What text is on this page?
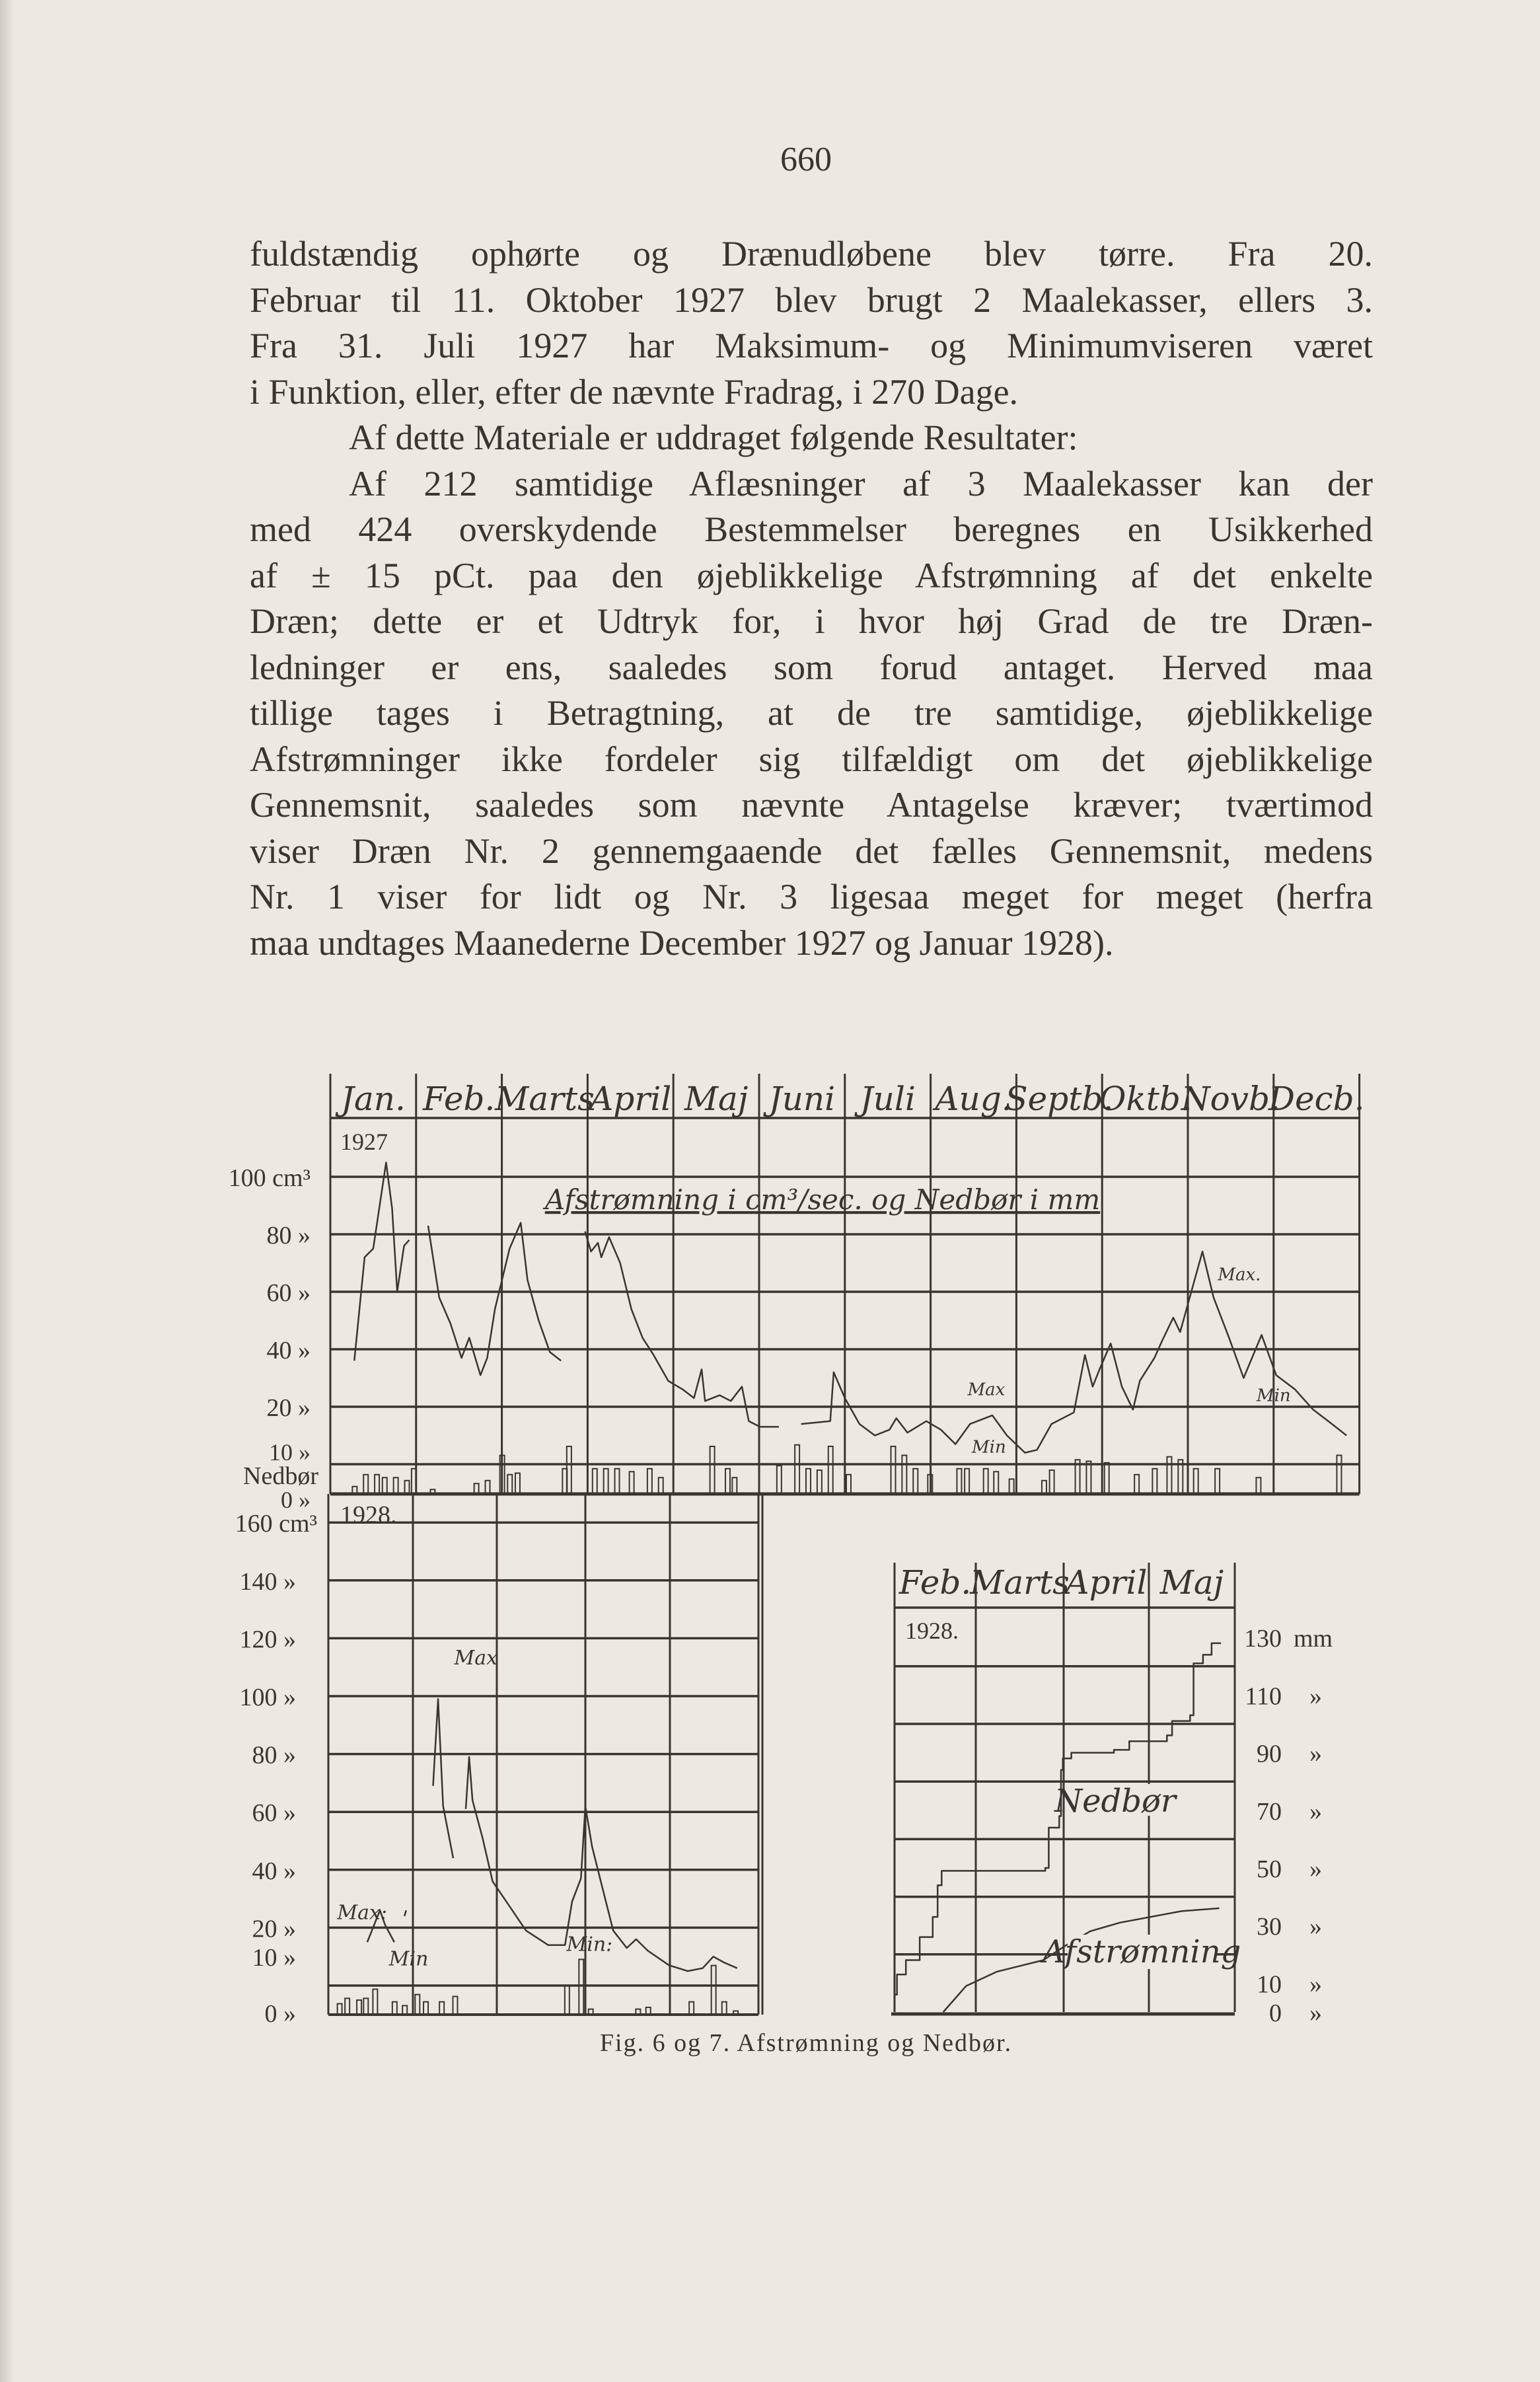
660
fuldstændig ophørte og Drænudløbene blev tørre. Fra 20.
Februar til 11. Oktober 1927 blev brugt 2 Maalekasser, ellers 3.
Fra 31. Juli 1927 har Maksimum- og Minimumviseren været
i Funktion, eller, efter de nævnte Fradrag, i 270 Dage.
Af dette Materiale er uddraget følgende Resultater:
Af 212 samtidige Aflæsninger af 3 Maalekasser kan der
med 424 overskydende Bestemmelser beregnes en Usikkerhed
af ± 15 pCt. paa den øjeblikkelige Afstrømning af det enkelte
Dræn; dette er et Udtryk for, i hvor høj Grad de tre Dræn-
ledninger er ens, saaledes som forud antaget. Herved maa
tillige tages i Betragtning, at de tre samtidige, øjeblikkelige
Afstrømninger ikke fordeler sig tilfældigt om det øjeblikkelige
Gennemsnit, saaledes som nævnte Antagelse kræver; tværtimod
viser Dræn Nr. 2 gennemgaaende det fælles Gennemsnit, medens
Nr. 1 viser for lidt og Nr. 3 ligesaa meget for meget (herfra
maa undtages Maanederne December 1927 og Januar 1928).
Jan. Feb. Marts
April Maj Juni Juli Aug.
Septb.
Oktb.
Novb.
Decb.
1927
Afstrømning i cm³/sec. og Nedbør i mm
100 cm³
80 »
60 »
40 »
20 »
10 »
0 »
Nedbør
Max
Min
Max.
Min
1928.
160 cm³
140 »
120 »
100 »
80 »
60 »
40 »
20 »
10 »
0 »
Max
Max:
Min
Min:
Feb.
Marts
April Maj
1928.	130 mm
110 »
90 »
70 »
50 »
30 »
10 »
0 »
Nedbør
Afstrømning
Fig. 6 og 7. Afstrømning og Nedbør.
